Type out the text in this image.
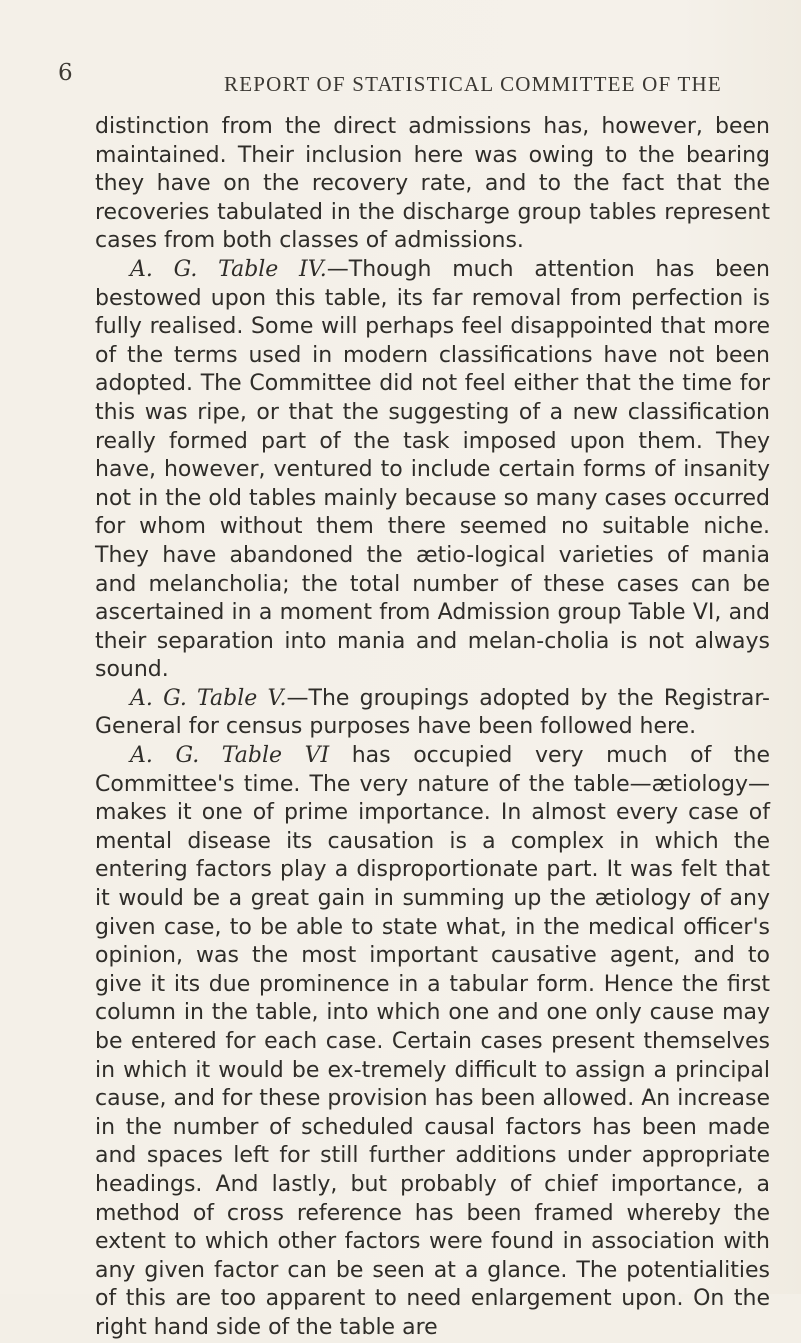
6	REPORT OF STATISTICAL COMMITTEE OF THE

distinction from the direct admissions has, however, been maintained. Their inclusion here was owing to the bearing they have on the recovery rate, and to the fact that the recoveries tabulated in the discharge group tables represent cases from both classes of admissions.

A. G. Table IV.—Though much attention has been bestowed upon this table, its far removal from perfection is fully realised. Some will perhaps feel disappointed that more of the terms used in modern classifications have not been adopted. The Committee did not feel either that the time for this was ripe, or that the suggesting of a new classification really formed part of the task imposed upon them. They have, however, ventured to include certain forms of insanity not in the old tables mainly because so many cases occurred for whom without them there seemed no suitable niche. They have abandoned the ætio-logical varieties of mania and melancholia; the total number of these cases can be ascertained in a moment from Admission group Table VI, and their separation into mania and melan-cholia is not always sound.

A. G. Table V.—The groupings adopted by the Registrar-General for census purposes have been followed here.

A. G. Table VI has occupied very much of the Committee's time. The very nature of the table—ætiology—makes it one of prime importance. In almost every case of mental disease its causation is a complex in which the entering factors play a disproportionate part. It was felt that it would be a great gain in summing up the ætiology of any given case, to be able to state what, in the medical officer's opinion, was the most important causative agent, and to give it its due prominence in a tabular form. Hence the first column in the table, into which one and one only cause may be entered for each case. Certain cases present themselves in which it would be ex-tremely difficult to assign a principal cause, and for these provision has been allowed. An increase in the number of scheduled causal factors has been made and spaces left for still further additions under appropriate headings. And lastly, but probably of chief importance, a method of cross reference has been framed whereby the extent to which other factors were found in association with any given factor can be seen at a glance. The potentialities of this are too apparent to need enlargement upon. On the right hand side of the table are
